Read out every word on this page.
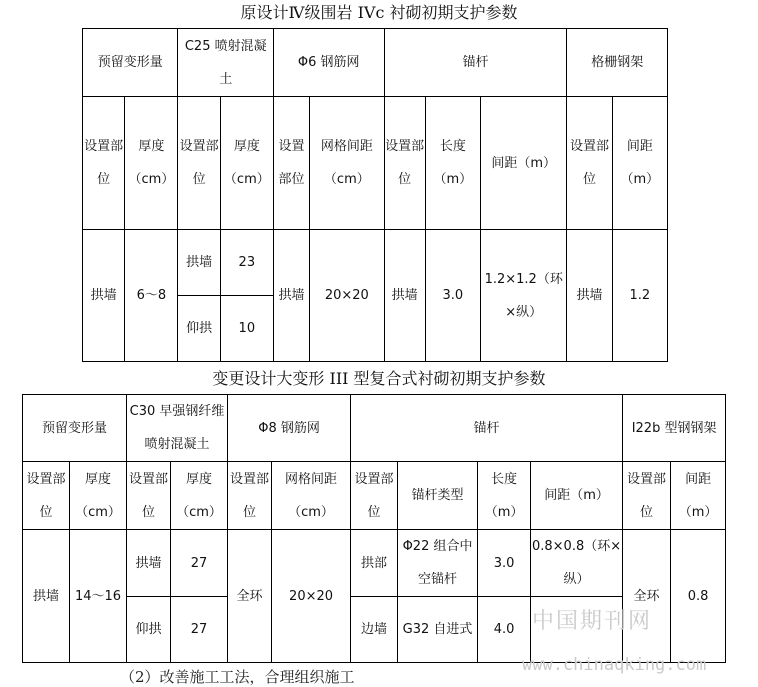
原设计Ⅳ级围岩 IVc 衬砌初期支护参数
预留变形量		C25 喷射混凝土		Φ6 钢筋网		锚杆			格栅钢架	
设置部位	厚度（cm）	设置部位	厚度（cm）	设置部位	网格间距（cm）	设置部位	长度（m）	间距（m）	设置部位	间距（m）
拱墙	6～8	拱墙	23	拱墙	20×20	拱墙	3.0	1.2×1.2（环×纵）	拱墙	1.2
		仰拱	10							
变更设计大变形 III 型复合式衬砌初期支护参数
预留变形量		C30 早强钢纤维喷射混凝土		Φ8 钢筋网		锚杆				Ⅰ22b 型钢钢架	
设置部位	厚度（cm）	设置部位	厚度（cm）	设置部位	网格间距（cm）	设置部位	锚杆类型	长度（m）	间距（m）	设置部位	间距（m）
拱墙	14～16	拱墙	27	全环	20×20	拱部	Φ22 组合中空锚杆	3.0	0.8×0.8（环×纵）	全环	0.8
		仰拱	27			边墙	G32 自进式	4.0			
（2）改善施工工法，合理组织施工
中国期刊网
www.chinaqking.com
